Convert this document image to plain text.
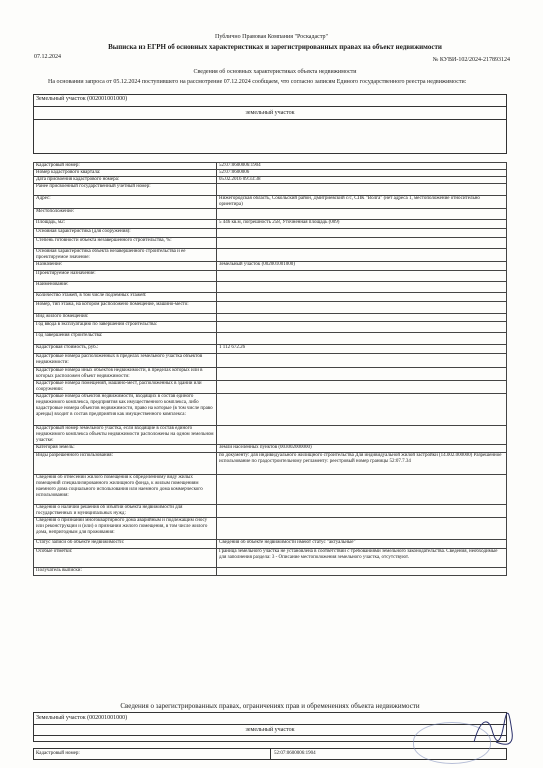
Публично Правовая Компания "Роскадастр"
Выписка из ЕГРН об основных характеристиках и зарегистрированных правах на объект недвижимости
07.12.2024	№ КУВИ-102/2024-217893124
Сведения об основных характеристиках объекта недвижимости
На основании запроса от 05.12.2024 поступившего на рассмотрение 07.12.2024 сообщаем, что согласно записям Единого государственного реестра недвижимости:
Земельный участок (002001001000)
земельный участок
Кадастровый номер:	52:07:0600006:1904
Номер кадастрового квартала:	52:07:0600006
Дата присвоения кадастрового номера:	05.02.2016 09:33:38
Ранее присвоенный государственный учетный номер:	
Адрес:	Нижегородская область, Сокольский район, Дмитриевский с/с, СПК "Волга" (нет адреса 1, местоположение относительно ориентира)
Местоположение:	
Площадь, м2:	5 446 кв.м, погрешность 258, Уточненная площадь (009)
Основная характеристика (для сооружения):	
Степень готовности объекта незавершенного строительства, %:	
Основная характеристика объекта незавершенного строительства и ее проектируемое значение:	
Назначение:	Земельный участок (002001001000)
Проектируемое назначение:	
Наименование:	
Количество этажей, в том числе подземных этажей:	
Номер, тип этажа, на котором расположено помещение, машино-место:	
Вид жилого помещения:	
Год ввода в эксплуатацию по завершении строительства:	
Год завершения строительства:	
Кадастровая стоимость, руб.:	1 112 672.26
Кадастровые номера расположенных в пределах земельного участка объектов недвижимости:	
Кадастровые номера иных объектов недвижимости, в пределах которых или в которых расположен объект недвижимости:	
Кадастровые номера помещений, машино-мест, расположенных в здании или сооружении:	
Кадастровые номера объектов недвижимости, входящих в состав единого недвижимого комплекса, предприятия как имущественного комплекса, либо кадастровые номера объектов недвижимости, право на которые (в том числе право аренды) входит в состав предприятия как имущественного комплекса:	
Кадастровый номер земельного участка, если входящие в состав единого недвижимого комплекса объекты недвижимости расположены на одном земельном участке:	
Категория земель:	Земли населенных пунктов (003002000000)
Виды разрешенного использования:	по документу: для индивидуального жилищного строительства Для индивидуальной жилой застройки (14.002.000000) Разрешенное использование по градостроительному регламенту: реестровый номер границы 52:07.7.34
Сведения об отнесении жилого помещения к определенному виду жилых помещений специализированного жилищного фонда, к жилым помещениям наемного дома социального использования или наемного дома коммерческого использования:	
Сведения о наличии решения об изъятии объекта недвижимости для государственных и муниципальных нужд:	
Сведения о признании многоквартирного дома аварийным и подлежащим сносу или реконструкции и (или) о признании жилого помещения, в том числе жилого дома, непригодным для проживания:	
Статус записи об объекте недвижимости:	Сведения об объекте недвижимости имеют статус "актуальные"
Особые отметки:	Граница земельного участка не установлена в соответствии с требованиями земельного законодательства. Сведения, необходимые для заполнения раздела: 3 - Описание местоположения земельного участка, отсутствуют.
Получатель выписки:	
Сведения о зарегистрированных правах, ограничениях прав и обременениях объекта недвижимости
Земельный участок (002001001000)
земельный участок
Кадастровый номер:	52:07:0600006:1904
